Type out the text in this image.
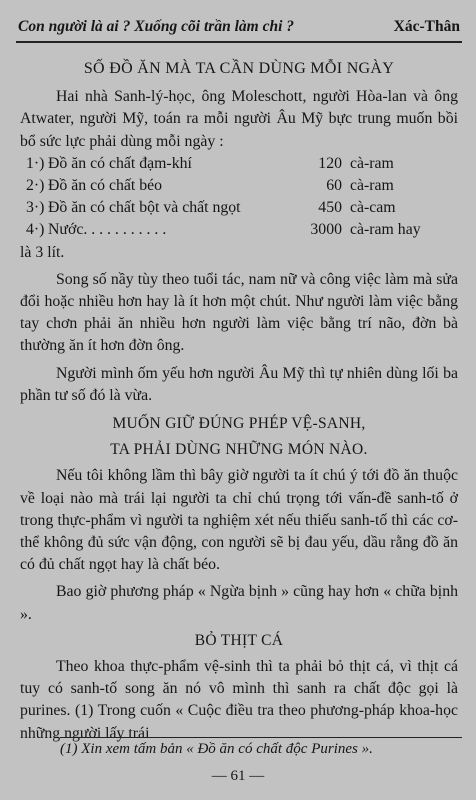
Con người là ai ? Xuống cõi trần làm chi ?	Xác-Thân

SỐ ĐỒ ĂN MÀ TA CẦN DÙNG MỖI NGÀY

Hai nhà Sanh-lý-học, ông Moleschott, người Hòa-lan và ông Atwater, người Mỹ, toán ra mỗi người Âu Mỹ bực trung muốn bồi bổ sức lực phải dùng mỗi ngày :

1·) Đồ ăn có chất đạm-khí	120 cà-ram
2·) Đồ ăn có chất béo	60 cà-ram
3·) Đồ ăn có chất bột và chất ngọt	450 cà-cam
4·) Nước. . . . . . . . . . .	3000 cà-ram hay

là 3 lít.

Song số nầy tùy theo tuổi tác, nam nữ và công việc làm mà sửa đổi hoặc nhiều hơn hay là ít hơn một chút. Như người làm việc bằng tay chơn phải ăn nhiều hơn người làm việc bằng trí não, đờn bà thường ăn ít hơn đờn ông.

Người mình ốm yếu hơn người Âu Mỹ thì tự nhiên dùng lối ba phần tư số đó là vừa.

MUỐN GIỮ ĐÚNG PHÉP VỆ-SANH,

TA PHẢI DÙNG NHỮNG MÓN NÀO.

Nếu tôi không lầm thì bây giờ người ta ít chú ý tới đồ ăn thuộc về loại nào mà trái lại người ta chỉ chú trọng tới vấn-đề sanh-tố ở trong thực-phẩm vì người ta nghiệm xét nếu thiếu sanh-tố thì các cơ-thể không đủ sức vận động, con người sẽ bị đau yếu, dầu rằng đồ ăn có đủ chất ngọt hay là chất béo.

Bao giờ phương pháp « Ngừa bịnh » cũng hay hơn « chữa bịnh ».

BỎ THỊT CÁ

Theo khoa thực-phẩm vệ-sinh thì ta phải bỏ thịt cá, vì thịt cá tuy có sanh-tố song ăn nó vô mình thì sanh ra chất độc gọi là purines. (1) Trong cuốn « Cuộc điều tra theo phương-pháp khoa-học những người lấy trái

(1) Xin xem tấm bản « Đồ ăn có chất độc Purines ».
— 61 —
